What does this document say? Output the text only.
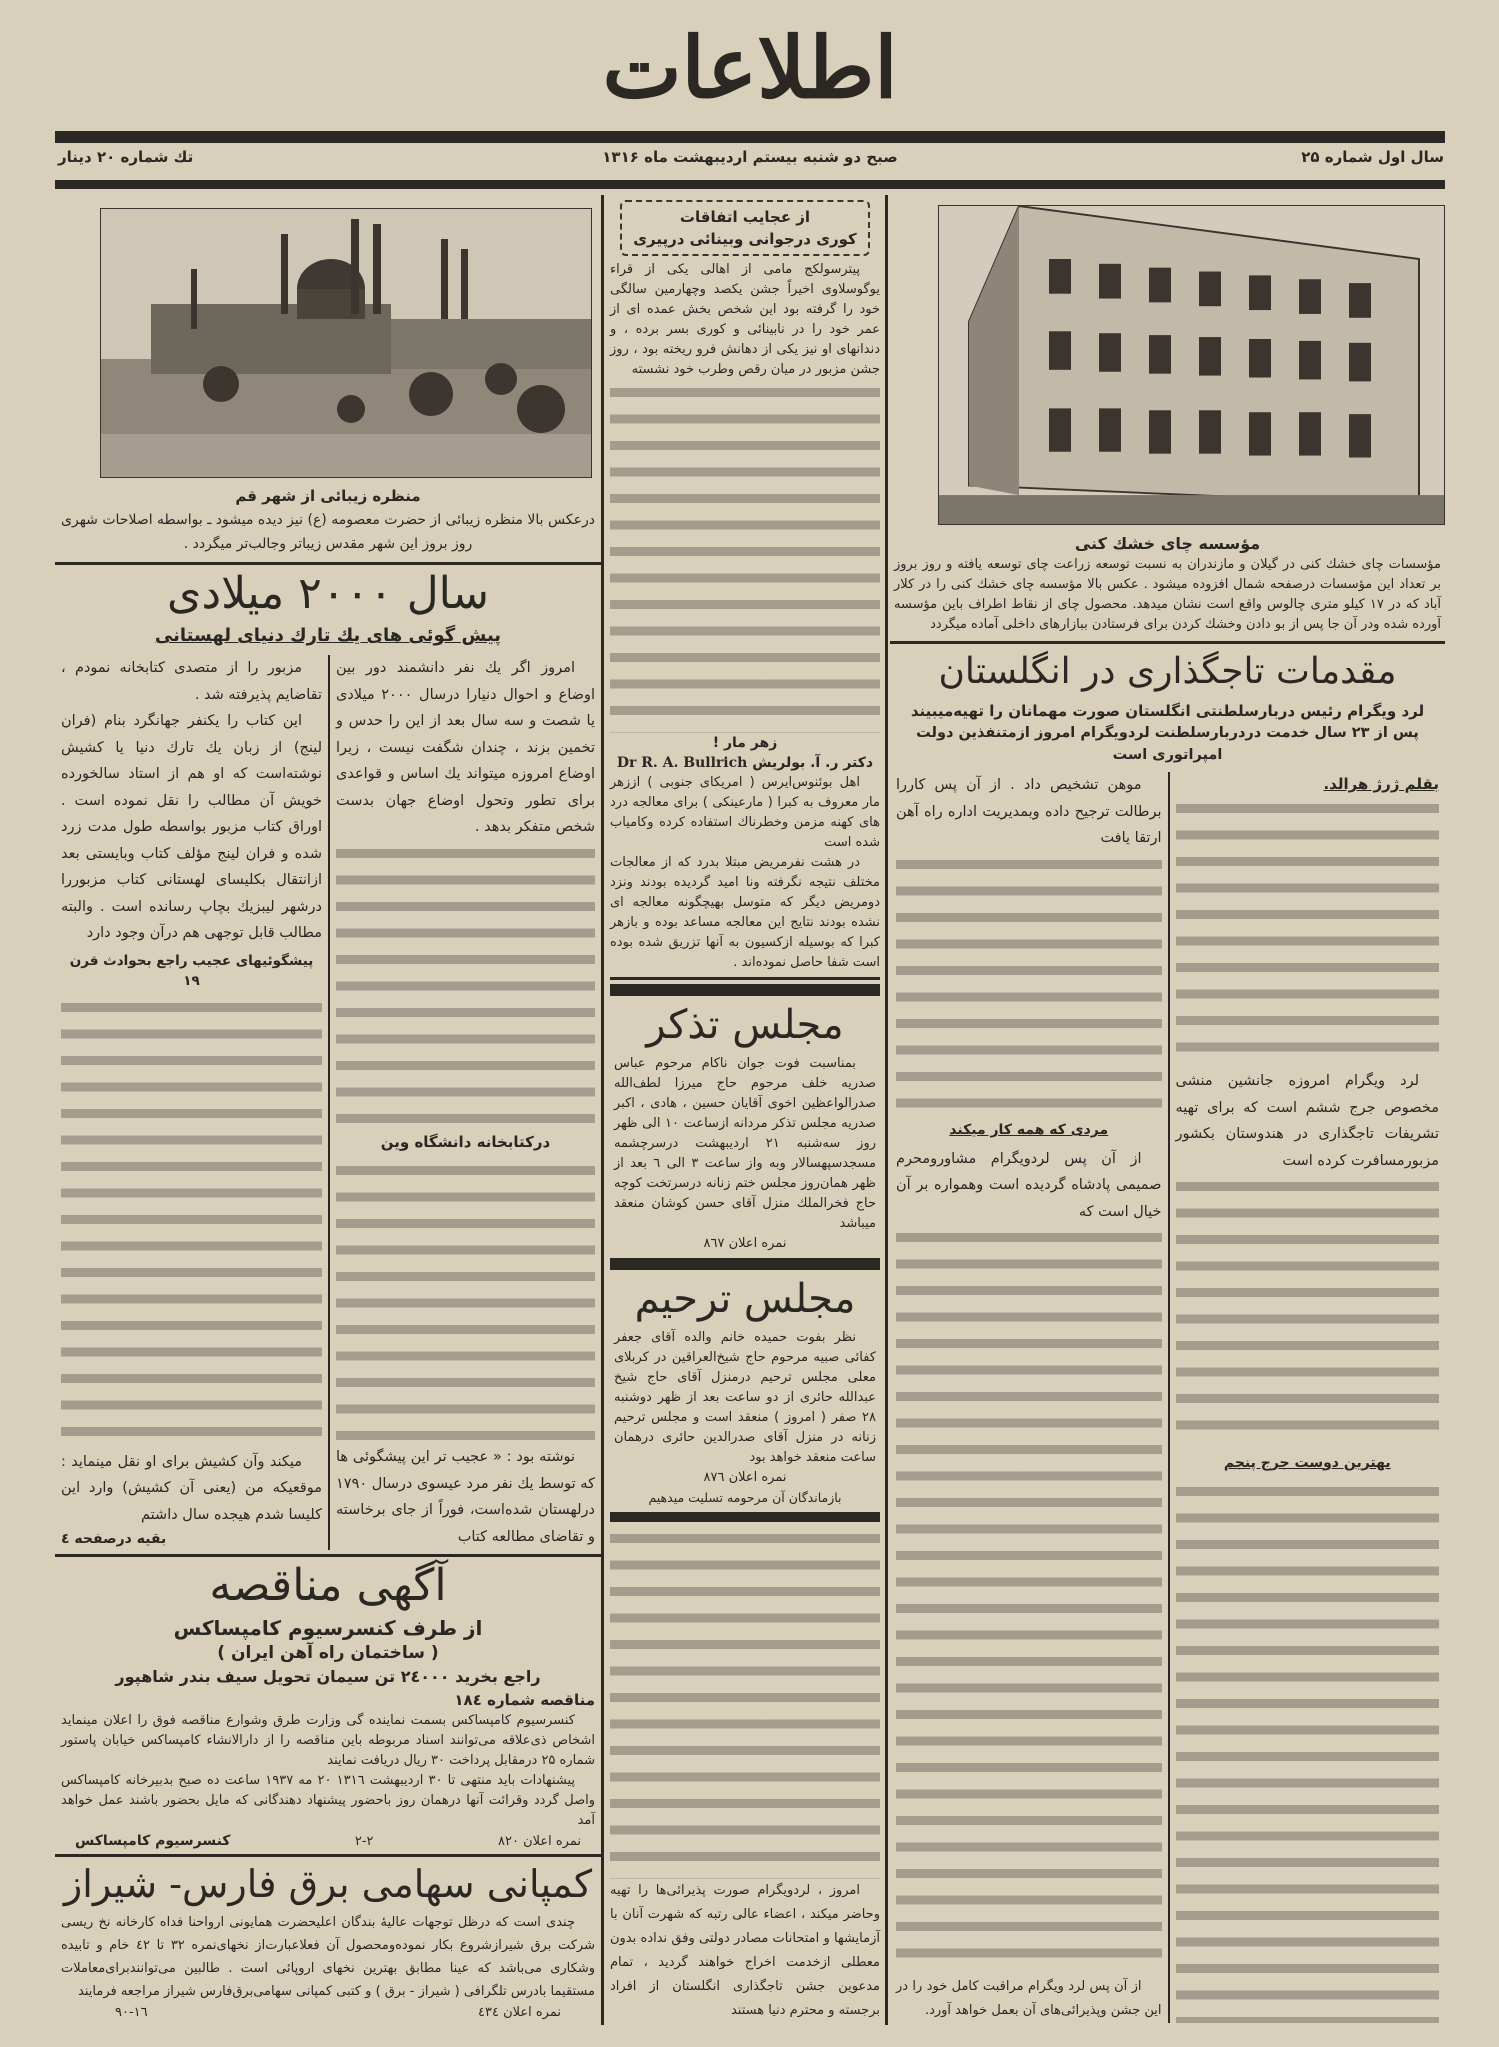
اطلاعات
سال اول شماره ۲۵
صبح دو شنبه بیستم اردیبهشت ماه ۱۳۱۶
تك شماره ۲۰ دینار
منظره زیبائی از شهر قم
درعکس بالا منظره زیبائی از حضرت معصومه (ع) نیز دیده میشود ـ بواسطه اصلاحات شهری روز بروز این شهر مقدس زیباتر وجالب‌تر میگردد .
سال ۲۰۰۰ میلادی
پیش گوئی های یك تارك دنیای لهستانی

امروز اگر یك نفر دانشمند دور بین اوضاع و احوال دنیارا درسال ۲۰۰۰ میلادی یا شصت و سه سال بعد از این را حدس و تخمین بزند ، چندان شگفت نیست ، زیرا اوضاع امروزه میتواند یك اساس و قواعدی برای تطور وتحول اوضاع جهان بدست شخص متفكر بدهد .

دركتابخانه دانشگاه وین

نوشته بود : « عجیب تر این پیشگوئی ها كه توسط یك نفر مرد عیسوی درسال ۱۷۹۰ درلهستان شده‌است، فوراً از جای برخاسته و تقاضای مطالعه كتاب

مزبور را از متصدی كتابخانه نمودم ، تقاضایم پذیرفته شد .

این كتاب را یكنفر جهانگرد بنام (فران لینج) از زبان یك تارك دنیا یا كشیش نوشته‌است كه او هم از استاد سالخورده خویش آن مطالب را نقل نموده است . اوراق كتاب مزبور بواسطه طول مدت زرد شده و فران لینج مؤلف كتاب وبایستی بعد ازانتقال بكلیسای لهستانی كتاب مزبوررا درشهر لیبزیك بچاپ رسانده است . والبته مطالب قابل توجهی هم درآن وجود دارد

پیشگوئیهای عجیب راجع بحوادث قرن ۱۹

میكند وآن كشیش برای او نقل مینماید : موقعیكه من (یعنی آن كشیش) وارد این كلیسا شدم هیجده سال داشتم

بقیه درصفحه ٤
آگهی مناقصه
از طرف كنسرسیوم كامپساكس
( ساختمان راه آهن ایران )
راجع بخرید ۲٤۰۰۰ تن سیمان تحویل سیف بندر شاهپور
مناقصه شماره ۱۸٤

كنسرسیوم كامپساكس بسمت نماینده گی وزارت طرق وشوارع مناقصه فوق را اعلان مینماید اشخاص ذی‌علاقه می‌توانند اسناد مربوطه باین مناقصه را از دارالانشاء كامپساكس خیابان پاستور شماره ۲۵ درمقابل پرداخت ۳۰ ریال دریافت نمایند

پیشنهادات باید منتهی تا ۳۰ اردیبهشت ۱۳۱٦ ۲۰ مه ۱۹۳۷ ساعت ده صبح بدبیرخانه كامپساكس واصل گردد وقرائت آنها درهمان روز باحضور پیشنهاد دهندگانی كه مایل بحضور باشند عمل خواهد آمد

نمره اعلان ۸۲۰
۲-۲
كنسرسیوم كامپساكس
كمپانی سهامی برق فارس- شیراز

چندی است كه درظل توجهات عالیهٔ بندگان اعلیحضرت همایونی ارواحنا فداه كارخانه نخ ریسی شركت برق شیرازشروع بكار نموده‌ومحصول آن فعلاعبارت‌از نخهای‌نمره ۳۲ تا ٤۲ خام و تابیده وشكاری می‌باشد كه عینا مطابق بهترین نخهای اروپائی است . طالبین می‌توانندبرای‌معاملات مستقیما بادرس تلگرافی ( شیراز - برق ) و كتبی كمپانی سهامی‌برق‌فارس شیراز مراجعه فرمایند

نمره اعلان ٤۳٤
۹۰-۱٦
از عجایب اتفاقات
كوری درجوانی وبینائی درپیری

پیترسولكج مامی از اهالی یكی از قراء یوگوسلاوی اخیراً جشن یكصد وچهارمین سالگی خود را گرفته بود این شخص بخش عمده ای از عمر خود را در نابینائی و كوری بسر برده ، و دندانهای او نیز یكی از دهانش فرو ریخته بود ، روز جشن مزبور در میان رقص وطرب خود نشسته

زهر مار !
دكتر ر. آ. بولریش Dr R. A. Bullrich

اهل بوئنوس‌ایرس ( امریكای جنوبی ) اززهر مار معروف به كبرا ( مارعینكی ) برای معالجه درد های كهنه مزمن وخطرناك استفاده كرده وكامیاب شده است

در هشت نفرمریض مبتلا بدرد كه از معالجات مختلف نتیجه نگرفته ونا امید گردیده بودند ونزد دومریض دیگر كه متوسل بهیچگونه معالجه ای نشده بودند نتایج این معالجه مساعد بوده و بازهر كبرا كه بوسیله ازكسیون به آنها تزریق شده بوده است شفا حاصل نموده‌اند .

مجلس تذكر

بمناسبت فوت جوان ناكام مرحوم عباس صدریه خلف مرحوم حاج میرزا لطف‌الله صدرالواعظین اخوی آقایان حسین ، هادی ، اكبر صدریه مجلس تذكر مردانه ازساعت ۱۰ الی ظهر روز سه‌شنبه ۲۱ اردیبهشت درسرچشمه مسجدسپهسالار وبه واز ساعت ۳ الی ٦ بعد از ظهر همان‌روز مجلس ختم زنانه درسرتخت كوچه حاج فخرالملك منزل آقای حسن كوشان منعقد میباشد

نمره اعلان ۸٦۷
مجلس ترحیم

نظر بفوت حمیده خانم والده آقای جعفر كفائی صبیه مرحوم حاج شیخ‌العراقین در كربلای معلی مجلس ترحیم درمنزل آقای حاج شیخ عبدالله حائری از دو ساعت بعد از ظهر دوشنبه ۲۸ صفر ( امروز ) منعقد است و مجلس ترحیم زنانه در منزل آقای صدرالدین حائری درهمان ساعت منعقد خواهد بود

نمره اعلان ۸۷٦
بازماندگان آن مرحومه تسلیت میدهیم

امروز ، لردویگرام صورت پذیرائی‌ها را تهیه وحاضر میكند ، اعضاء عالی رتبه كه شهرت آنان با آزمایشها و امتحانات مصادر دولتی وفق نداده بدون معطلی ازخدمت اخراج خواهند گردید ، تمام مدعوین جشن تاجگذاری انگلستان از افراد برجسته و محترم دنیا هستند

مؤسسه چای خشك كنی
مؤسسات چای خشك كنی در گیلان و مازندران به نسبت توسعه زراعت چای توسعه یافته و روز بروز بر تعداد این مؤسسات درصفحه شمال افزوده میشود . عكس بالا مؤسسه چای خشك كنی را در كلار آباد كه در ۱۷ كیلو متری چالوس واقع است نشان میدهد. محصول چای از نقاط اطراف باین مؤسسه آورده شده ودر آن جا پس از بو دادن وخشك كردن برای فرستادن ببازارهای داخلی آماده میگردد
مقدمات تاجگذاری در انگلستان
لرد ویگرام رئیس دربارسلطنتی انگلستان صورت مهمانان را تهیه‌میبیند
پس از ۲۳ سال خدمت دردربارسلطنت لردویگرام امروز ازمتنفذین دولت امپراتوری است
بقلم ژرژ هرالد.

لرد ویگرام امروزه جانشین منشی مخصوص جرج ششم است كه برای تهیه تشریفات تاجگذاری در هندوستان بكشور مزبورمسافرت كرده است

بهترین دوست جرج پنجم

موهن تشخیص داد . از آن پس كاررا برطالت ترجیح داده وبمدیریت اداره راه آهن ارتقا یافت

مردی كه همه كار میكند

از آن پس لردویگرام مشاورومحرم صمیمی پادشاه گردیده است وهمواره بر آن خیال است كه

از آن پس لرد ویگرام مراقبت كامل خود را در این جشن وپذیرائی‌های آن بعمل خواهد آورد.
